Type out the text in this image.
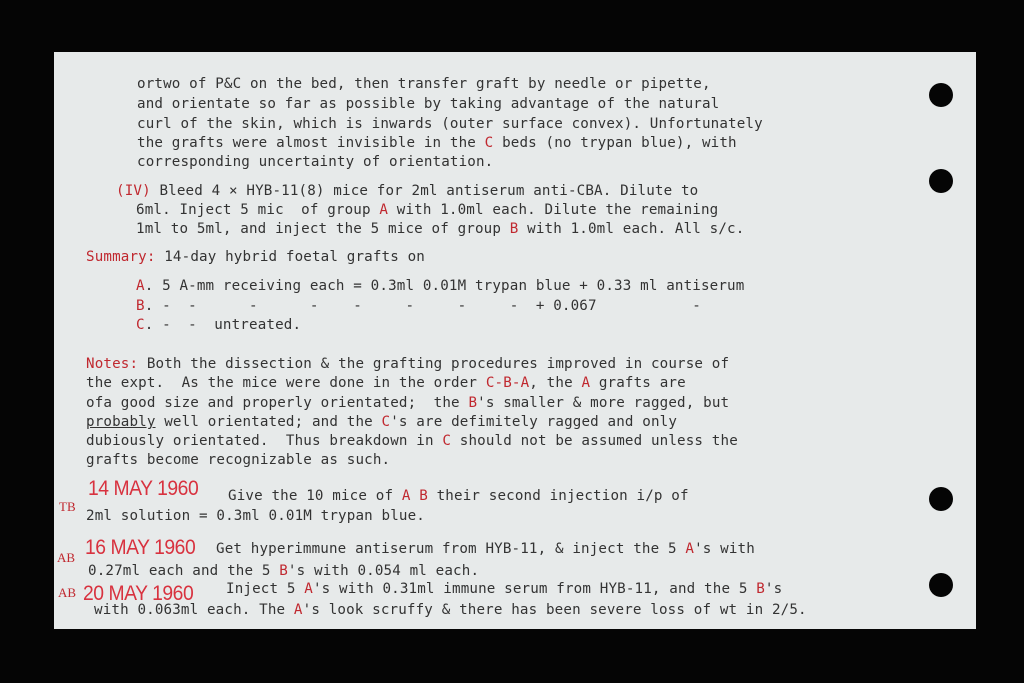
ortwo of P&C on the bed, then transfer graft by needle or pipette,
and orientate so far as possible by taking advantage of the natural
curl of the skin, which is inwards (outer surface convex). Unfortunately
the grafts were almost invisible in the C beds (no trypan blue), with
corresponding uncertainty of orientation.
(IV) Bleed 4 × HYB-11(8) mice for 2ml antiserum anti-CBA. Dilute to
6ml. Inject 5 mic  of group A with 1.0ml each. Dilute the remaining
1ml to 5ml, and inject the 5 mice of group B with 1.0ml each. All s/c.
Summary: 14-day hybrid foetal grafts on
A. 5 A-mm receiving each = 0.3ml 0.01M trypan blue + 0.33 ml antiserum
B. -  -      -      -    -     -     -     -  + 0.067           -
C. -  -  untreated.
Notes: Both the dissection & the grafting procedures improved in course of
the expt.  As the mice were done in the order C-B-A, the A grafts are
ofa good size and properly orientated;  the B's smaller & more ragged, but
probably well orientated; and the C's are defimitely ragged and only
dubiously orientated.  Thus breakdown in C should not be assumed unless the
grafts become recognizable as such.
14 MAY 1960
TB
Give the 10 mice of A B their second injection i/p of
2ml solution = 0.3ml 0.01M trypan blue.
16 MAY 1960
AB
Get hyperimmune antiserum from HYB-11, & inject the 5 A's with
0.27ml each and the 5 B's with 0.054 ml each.
20 MAY 1960
AB	Inject 5 A's with 0.31ml immune serum from HYB-11, and the 5 B's
with 0.063ml each. The A's look scruffy & there has been severe loss of wt in 2/5.
